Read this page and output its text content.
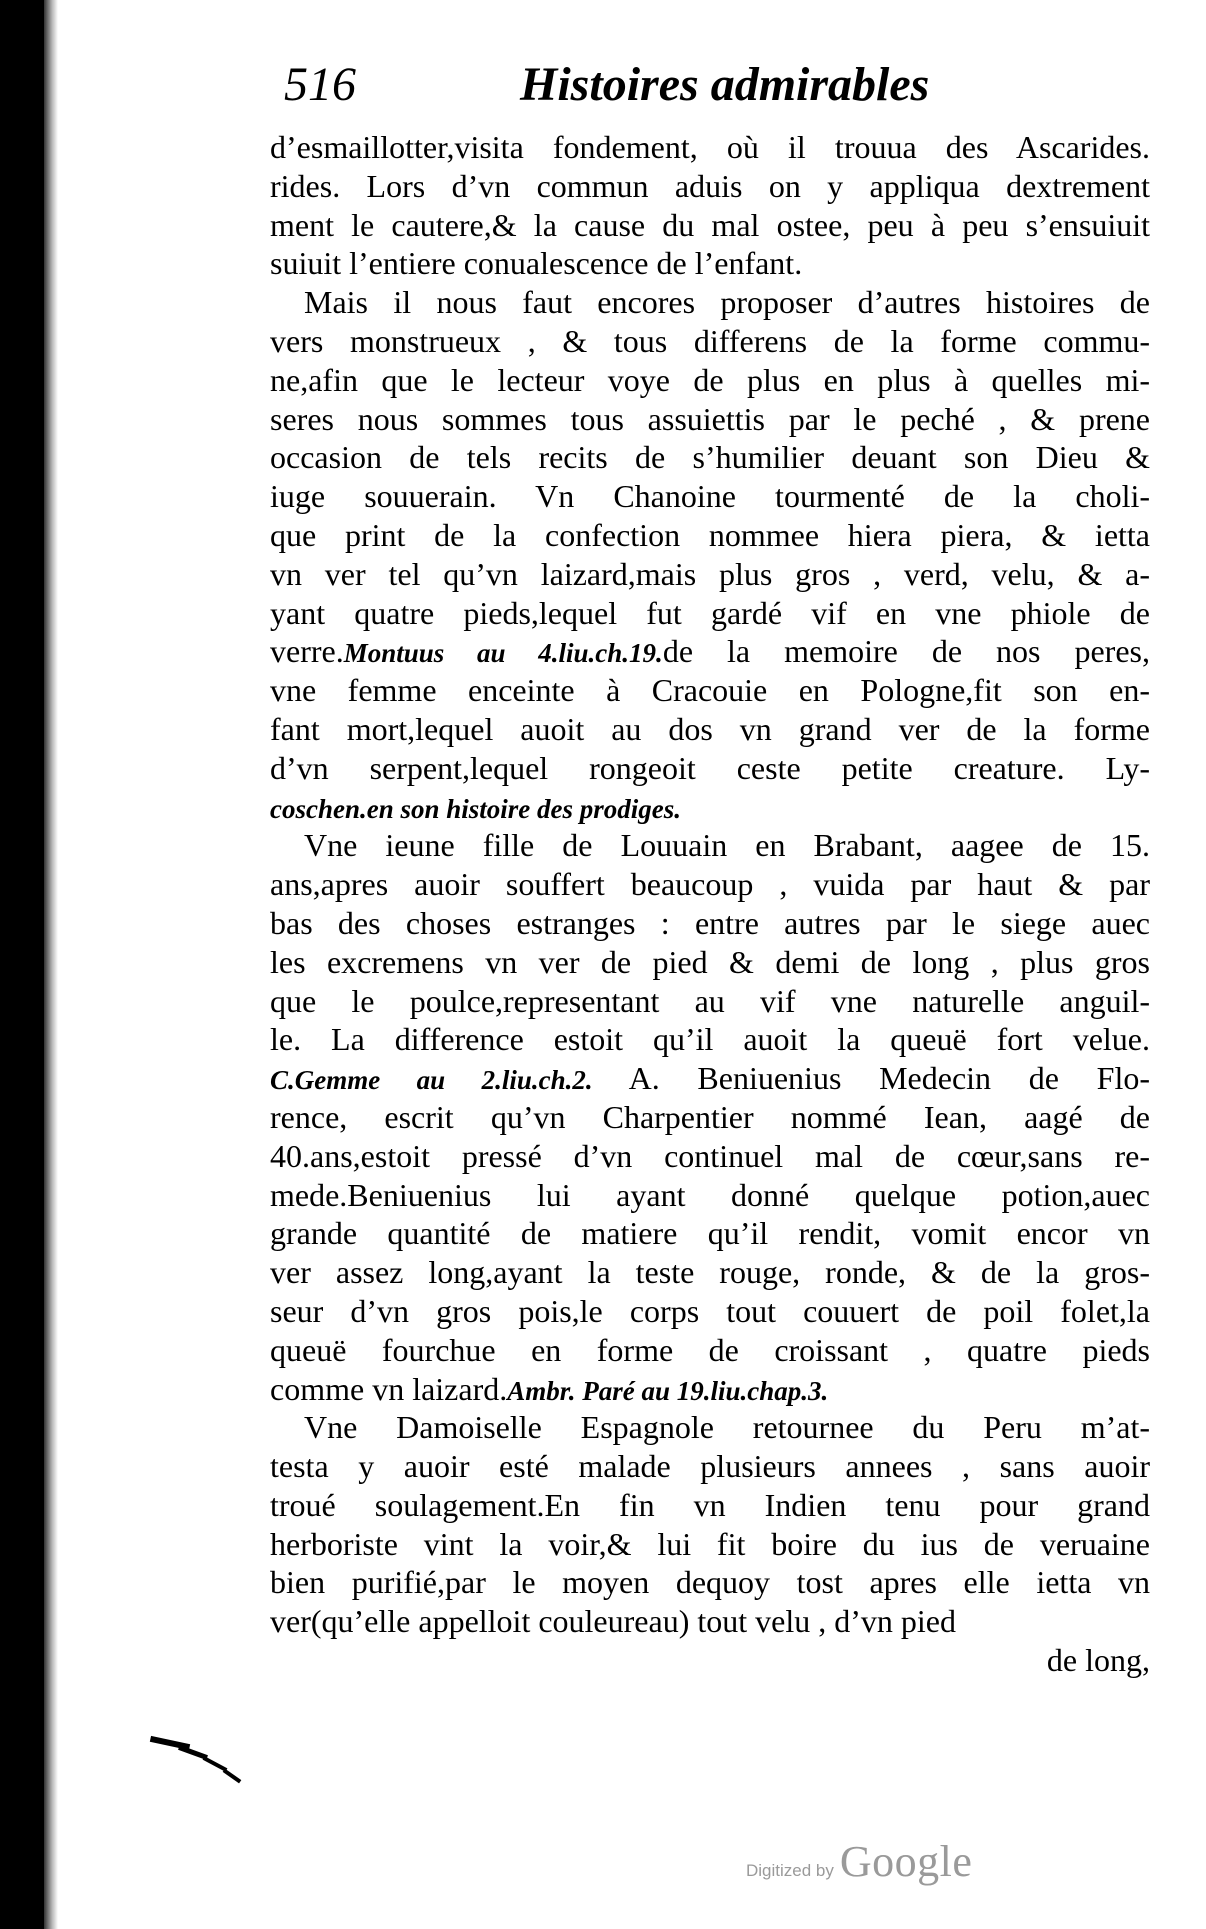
516	Histoires admirables
d’esmaillotter,visita fondement, où il trouua des Ascarides.
rides. Lors d’vn commun aduis on y appliqua dextrement
ment le cautere,& la cause du mal ostee, peu à peu s’ensuiuit
suiuit l’entiere conualescence de l’enfant.
Mais il nous faut encores proposer d’autres histoires de
vers monstrueux , & tous differens de la forme commu-
ne,afin que le lecteur voye de plus en plus à quelles mi-
seres nous sommes tous assuiettis par le peché , & prene
occasion de tels recits de s’humilier deuant son Dieu &
iuge souuerain. Vn Chanoine tourmenté de la choli-
que print de la confection nommee hiera piera, & ietta
vn ver tel qu’vn laizard,mais plus gros , verd, velu, & a-
yant quatre pieds,lequel fut gardé vif en vne phiole de
verre.Montuus au 4.liu.ch.19.de la memoire de nos peres,
vne femme enceinte à Cracouie en Pologne,fit son en-
fant mort,lequel auoit au dos vn grand ver de la forme
d’vn serpent,lequel rongeoit ceste petite creature. Ly-
coschen.en son histoire des prodiges.
Vne ieune fille de Louuain en Brabant, aagee de 15.
ans,apres auoir souffert beaucoup , vuida par haut & par
bas des choses estranges : entre autres par le siege auec
les excremens vn ver de pied & demi de long , plus gros
que le poulce,representant au vif vne naturelle anguil-
le. La difference estoit qu’il auoit la queuë fort velue.
C.Gemme au 2.liu.ch.2. A. Beniuenius Medecin de Flo-
rence, escrit qu’vn Charpentier nommé Iean, aagé de
40.ans,estoit pressé d’vn continuel mal de cœur,sans re-
mede.Beniuenius lui ayant donné quelque potion,auec
grande quantité de matiere qu’il rendit, vomit encor vn
ver assez long,ayant la teste rouge, ronde, & de la gros-
seur d’vn gros pois,le corps tout couuert de poil folet,la
queuë fourchue en forme de croissant , quatre pieds
comme vn laizard.Ambr. Paré au 19.liu.chap.3.
Vne Damoiselle Espagnole retournee du Peru m’at-
testa y auoir esté malade plusieurs annees , sans auoir
troué soulagement.En fin vn Indien tenu pour grand
herboriste vint la voir,& lui fit boire du ius de veruaine
bien purifié,par le moyen dequoy tost apres elle ietta vn
ver(qu’elle appelloit couleureau) tout velu , d’vn pied
de long,
Digitized by Google
